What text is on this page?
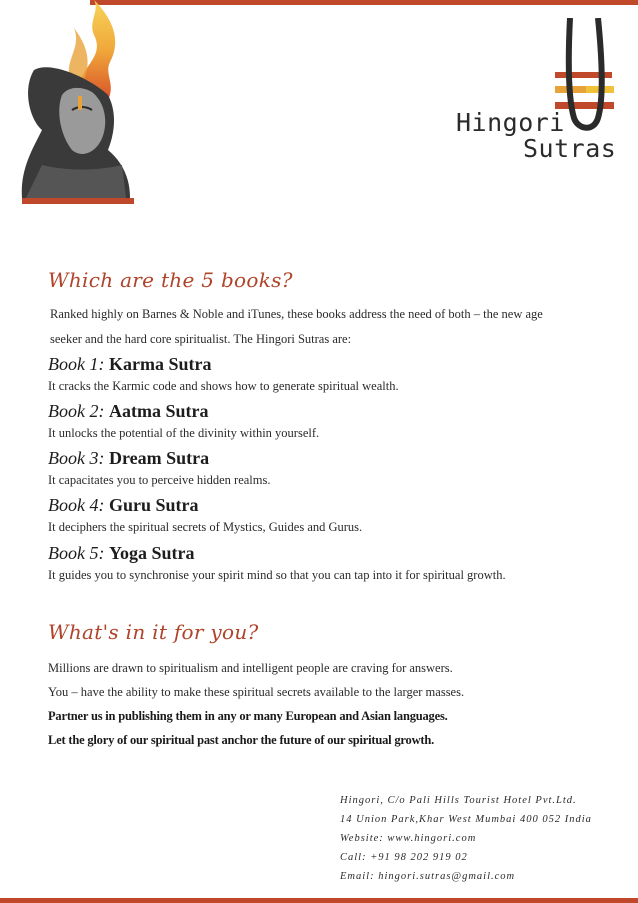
Hingori
Sutras
Which are the 5 books?
Ranked highly on Barnes & Noble and iTunes, these books address the need of both – the new age
seeker and the hard core spiritualist. The Hingori Sutras are:
Book 1: Karma Sutra
It cracks the Karmic code and shows how to generate spiritual wealth.
Book 2: Aatma Sutra
It unlocks the potential of the divinity within yourself.
Book 3: Dream Sutra
It capacitates you to perceive hidden realms.
Book 4: Guru Sutra
It deciphers the spiritual secrets of Mystics, Guides and Gurus.
Book 5: Yoga Sutra
It guides you to synchronise your spirit mind so that you can tap into it for spiritual growth.
What's in it for you?
Millions are drawn to spiritualism and intelligent people are craving for answers.
You – have the ability to make these spiritual secrets available to the larger masses.
Partner us in publishing them in any or many European and Asian languages.
Let the glory of our spiritual past anchor the future of our spiritual growth.
Hingori, C/o Pali Hills Tourist Hotel Pvt.Ltd.
14 Union Park,Khar West Mumbai 400 052 India
Website: www.hingori.com
Call: +91 98 202 919 02
Email: hingori.sutras@gmail.com
